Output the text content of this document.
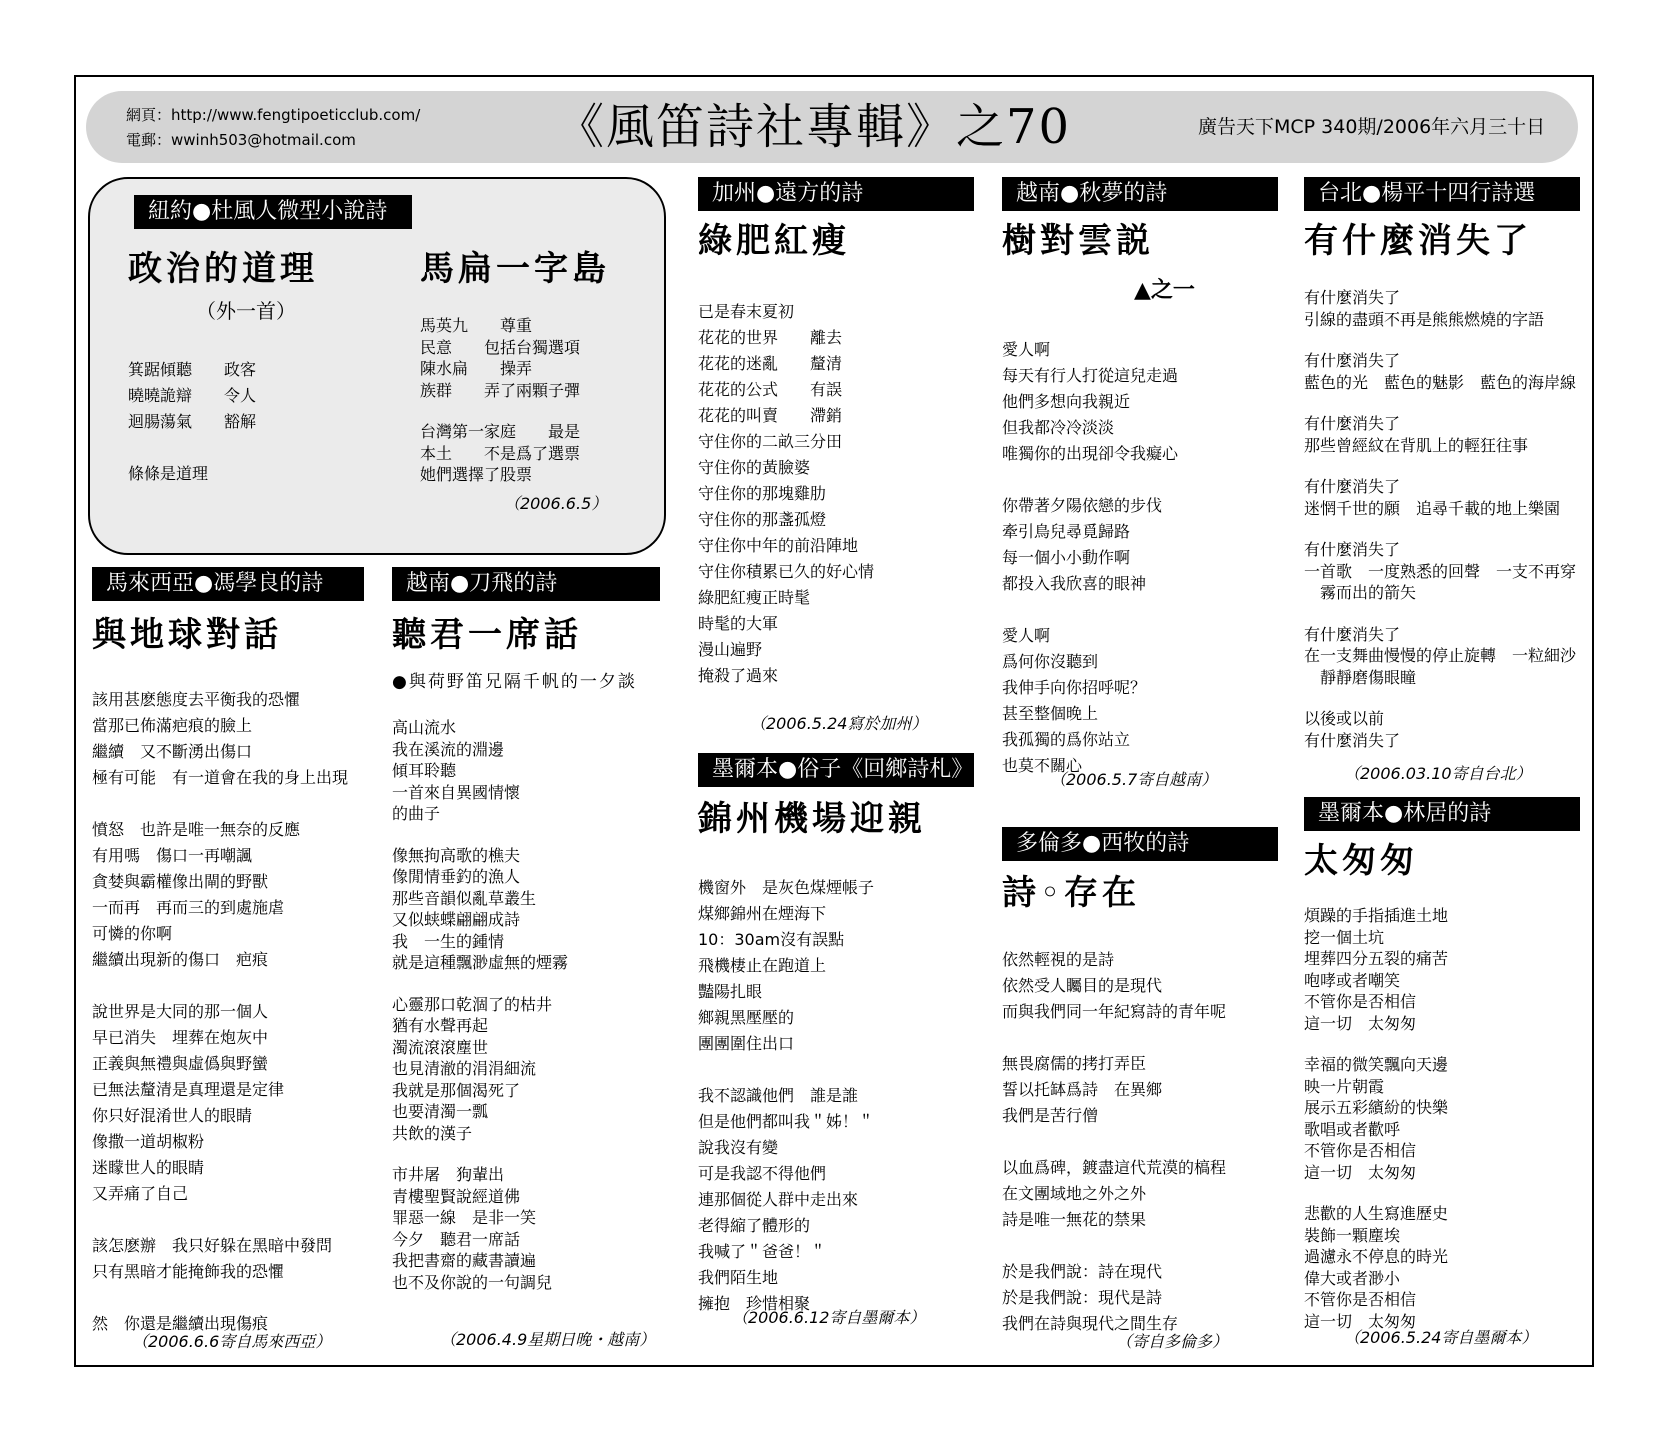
網頁：http://www.fengtipoeticclub.com/
電郵：wwinh503@hotmail.com	《風笛詩社專輯》之70	廣告天下MCP 340期/2006年六月三十日
紐約●杜風人微型小說詩
政治的道理
（外一首）
箕踞傾聽　　政客
曉曉詭辯　　令人
迴腸蕩氣　　豁解
條條是道理
馬扁一字島
馬英九　　尊重
民意　　包括台獨選項
陳水扁　　操弄
族群　　弄了兩顆子彈
台灣第一家庭　　最是
本土　　不是爲了選票
她們選擇了股票
（2006.6.5）
馬來西亞●馮學良的詩
與地球對話
該用甚麽態度去平衡我的恐懼
當那已佈滿疤痕的臉上
繼續　又不斷湧出傷口
極有可能　有一道會在我的身上出現
憤怒　也許是唯一無奈的反應
有用嗎　傷口一再嘲諷
貪婪與霸權像出閘的野獸
一而再　再而三的到處施虐
可憐的你啊
繼續出現新的傷口　疤痕
說世界是大同的那一個人
早已消失　埋葬在炮灰中
正義與無禮與虛僞與野蠻
已無法釐清是真理還是定律
你只好混淆世人的眼睛
像撒一道胡椒粉
迷矇世人的眼睛
又弄痛了自己
該怎麽辦　我只好躲在黑暗中發問
只有黑暗才能掩飾我的恐懼
然　你還是繼續出現傷痕
（2006.6.6寄自馬來西亞）
越南●刀飛的詩
聽君一席話
●與荷野笛兄隔千帆的一夕談
高山流水
我在溪流的淵邊
傾耳聆聽
一首來自異國情懷
的曲子
像無拘高歌的樵夫
像閒情垂釣的漁人
那些音韻似亂草叢生
又似蛱蝶翩翩成詩
我　一生的鍾情
就是這種飄渺虛無的煙霧
心靈那口乾涸了的枯井
猶有水聲再起
濁流滾滾塵世
也見清澈的涓涓細流
我就是那個渴死了
也要清濁一瓢
共飲的漢子
市井屠　狗輩出
青樓聖賢說經道佛
罪惡一線　是非一笑
今夕　聽君一席話
我把書齋的藏書讀遍
也不及你說的一句調兒
（2006.4.9星期日晚・越南）
加州●遠方的詩
綠肥紅瘦
已是春末夏初
花花的世界　　離去
花花的迷亂　　釐清
花花的公式　　有誤
花花的叫賣　　滯銷
守住你的二畝三分田
守住你的黃臉婆
守住你的那塊雞肋
守住你的那盞孤燈
守住你中年的前沿陣地
守住你積累已久的好心情
綠肥紅瘦正時髦
時髦的大軍
漫山遍野
掩殺了過來
（2006.5.24寫於加州）
墨爾本●俗子《回鄉詩札》
錦州機場迎親
機窗外　是灰色煤煙帳子
煤鄉錦州在煙海下
10：30am沒有誤點
飛機棲止在跑道上
豔陽扎眼
鄉親黑壓壓的
團團圍住出口
我不認識他們　誰是誰
但是他們都叫我＂姊！＂
說我沒有變
可是我認不得他們
連那個從人群中走出來
老得縮了體形的
我喊了＂爸爸！＂
我們陌生地
擁抱　珍惜相聚
（2006.6.12寄自墨爾本）
越南●秋夢的詩
樹對雲説
▲之一
愛人啊
每天有行人打從這兒走過
他們多想向我親近
但我都冷冷淡淡
唯獨你的出現卻令我癡心
你帶著夕陽依戀的步伐
牽引鳥兒尋覓歸路
每一個小小動作啊
都投入我欣喜的眼神
愛人啊
爲何你沒聽到
我伸手向你招呼呢？
甚至整個晚上
我孤獨的爲你站立
也莫不關心
（2006.5.7寄自越南）
多倫多●西牧的詩
詩◦存在
依然輕視的是詩
依然受人矚目的是現代
而與我們同一年紀寫詩的青年呢
無畏腐儒的拷打弄臣
誓以托缽爲詩　在異鄉
我們是苦行僧
以血爲碑，鍍盡這代荒漠的槁程
在文團域地之外之外
詩是唯一無花的禁果
於是我們說：詩在現代
於是我們說：現代是詩
我們在詩與現代之間生存
（寄自多倫多）
台北●楊平十四行詩選
有什麼消失了
有什麼消失了
引線的盡頭不再是熊熊燃燒的字語
有什麼消失了
藍色的光　藍色的魅影　藍色的海岸線
有什麼消失了
那些曾經紋在背肌上的輕狂往事
有什麼消失了
迷惘千世的願　追尋千載的地上樂園
有什麼消失了
一首歌　一度熟悉的回聲　一支不再穿
　霧而出的箭矢
有什麼消失了
在一支舞曲慢慢的停止旋轉　一粒細沙
　靜靜磨傷眼瞳
以後或以前
有什麼消失了
（2006.03.10寄自台北）
墨爾本●林居的詩
太匆匆
煩躁的手指插進土地
挖一個土坑
埋葬四分五裂的痛苦
咆哮或者嘲笑
不管你是否相信
這一切　太匆匆
幸福的微笑飄向天邊
映一片朝霞
展示五彩繽紛的快樂
歌唱或者歡呼
不管你是否相信
這一切　太匆匆
悲歡的人生寫進歷史
裝飾一顆塵埃
過濾永不停息的時光
偉大或者渺小
不管你是否相信
這一切　太匆匆
（2006.5.24寄自墨爾本）
